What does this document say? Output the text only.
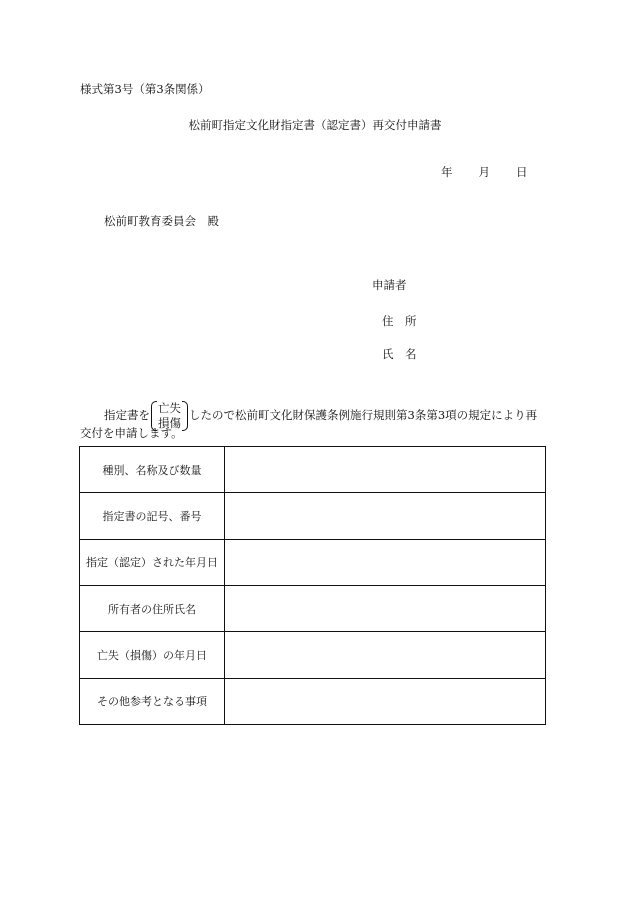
様式第3号（第3条関係）
松前町指定文化財指定書（認定書）再交付申請書
年 月 日
松前町教育委員会　殿
申請者
住　所
氏　名
指定書を 亡失
損傷
したので松前町文化財保護条例施行規則第3条第3項の規定により再
交付を申請します。
種別、名称及び数量	
指定書の記号、番号	
指定（認定）された年月日	
所有者の住所氏名	
亡失（損傷）の年月日	
その他参考となる事項	
